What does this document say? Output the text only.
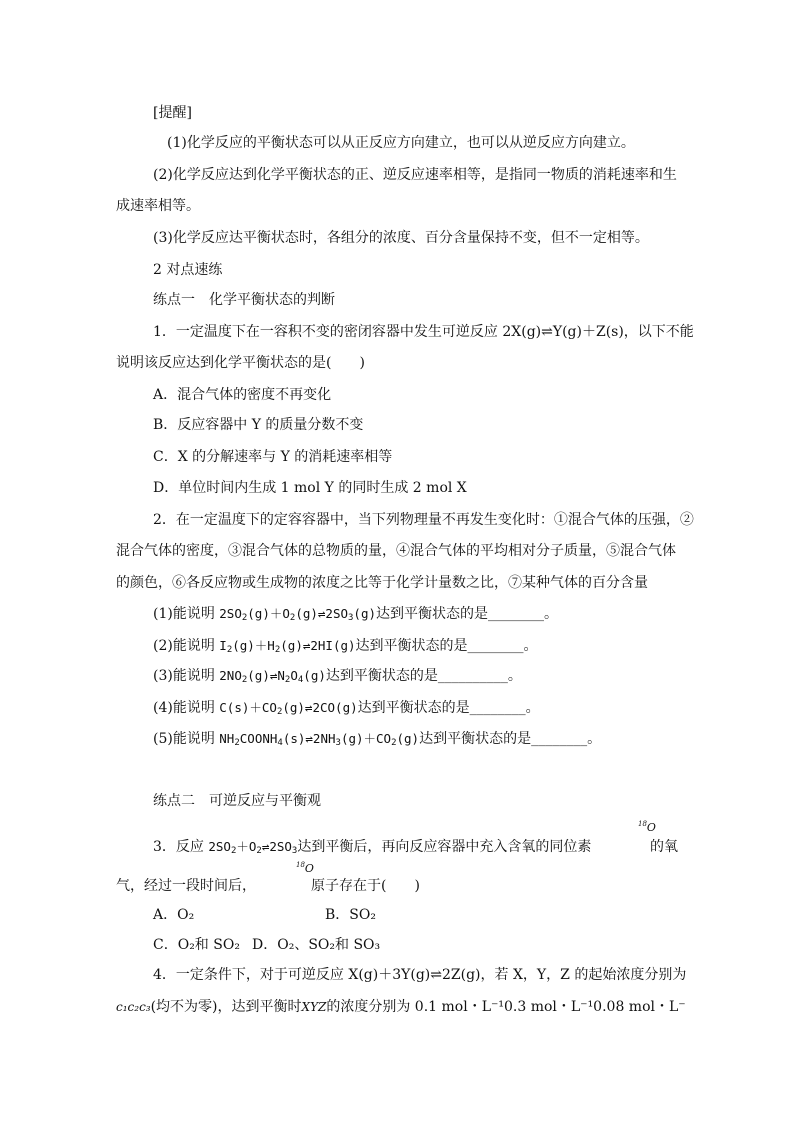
[提醒]
(1)化学反应的平衡状态可以从正反应方向建立，也可以从逆反应方向建立。
(2)化学反应达到化学平衡状态的正、逆反应速率相等，是指同一物质的消耗速率和生
成速率相等。
(3)化学反应达平衡状态时，各组分的浓度、百分含量保持不变，但不一定相等。
2 对点速练
练点一　化学平衡状态的判断
1．一定温度下在一容积不变的密闭容器中发生可逆反应 2X(g)⇌Y(g)＋Z(s)，以下不能
说明该反应达到化学平衡状态的是(　　)
A．混合气体的密度不再变化
B．反应容器中 Y 的质量分数不变
C．X 的分解速率与 Y 的消耗速率相等
D．单位时间内生成 1 mol Y 的同时生成 2 mol X
2．在一定温度下的定容容器中，当下列物理量不再发生变化时：①混合气体的压强，②
混合气体的密度，③混合气体的总物质的量，④混合气体的平均相对分子质量，⑤混合气体
的颜色，⑥各反应物或生成物的浓度之比等于化学计量数之比，⑦某种气体的百分含量
(1)能说明 $2SO_2(g)+O_2(g)\rightleftharpoons 2SO_3(g)$达到平衡状态的是________。
(2)能说明 $I_2(g)+H_2(g)\rightleftharpoons 2HI(g)$达到平衡状态的是________。
(3)能说明 $2NO_2(g)\rightleftharpoons N_2O_4(g)$达到平衡状态的是__________。
(4)能说明 $C(s)+CO_2(g)\rightleftharpoons 2CO(g)$达到平衡状态的是________。
(5)能说明 $NH_2COONH_4(s)\rightleftharpoons 2NH_3(g)+CO_2(g)$达到平衡状态的是________。
练点二　可逆反应与平衡观
3．反应 $2SO_2+O_2\rightleftharpoons 2SO_3$达到平衡后，再向反应容器中充入含氧的同位素
$^{18}$O
的氧
气，经过一段时间后，
$^{18}$O
原子存在于(　　)
A．O₂	B．SO₂
C．O₂和 SO₂ D．O₂、SO₂和 SO₃
4．一定条件下，对于可逆反应 X(g)＋3Y(g)⇌2Z(g)，若 X，Y，Z 的起始浓度分别为
c₁c₂c₃(均不为零)，达到平衡时XYZ的浓度分别为 0.1 mol・L⁻¹0.3 mol・L⁻¹0.08 mol・L⁻
